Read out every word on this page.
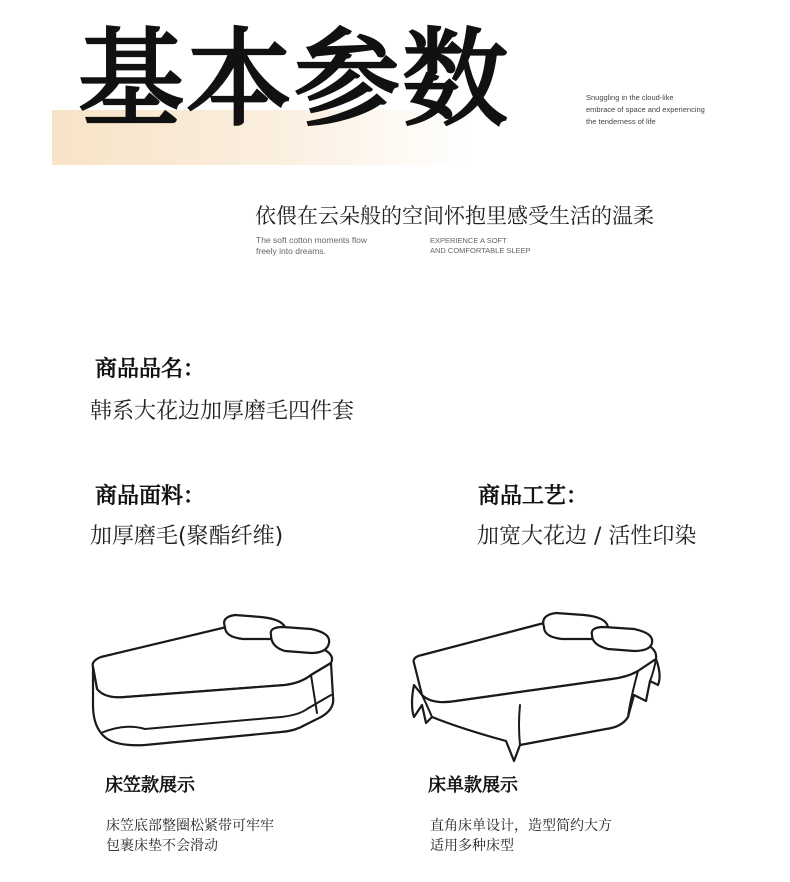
基本参数	Snuggling in the cloud-like
embrace of space and experiencing
the tenderness of life
依偎在云朵般的空间怀抱里感受生活的温柔
The soft cotton moments flow
freely into dreams.
EXPERIENCE A SOFT
AND COMFORTABLE SLEEP
商品品名：
韩系大花边加厚磨毛四件套
商品面料：
加厚磨毛(聚酯纤维)
商品工艺：
加宽大花边 / 活性印染
床笠款展示
床笠底部整圈松紧带可牢牢
包裹床垫不会滑动
床单款展示
直角床单设计，造型简约大方
适用多种床型
